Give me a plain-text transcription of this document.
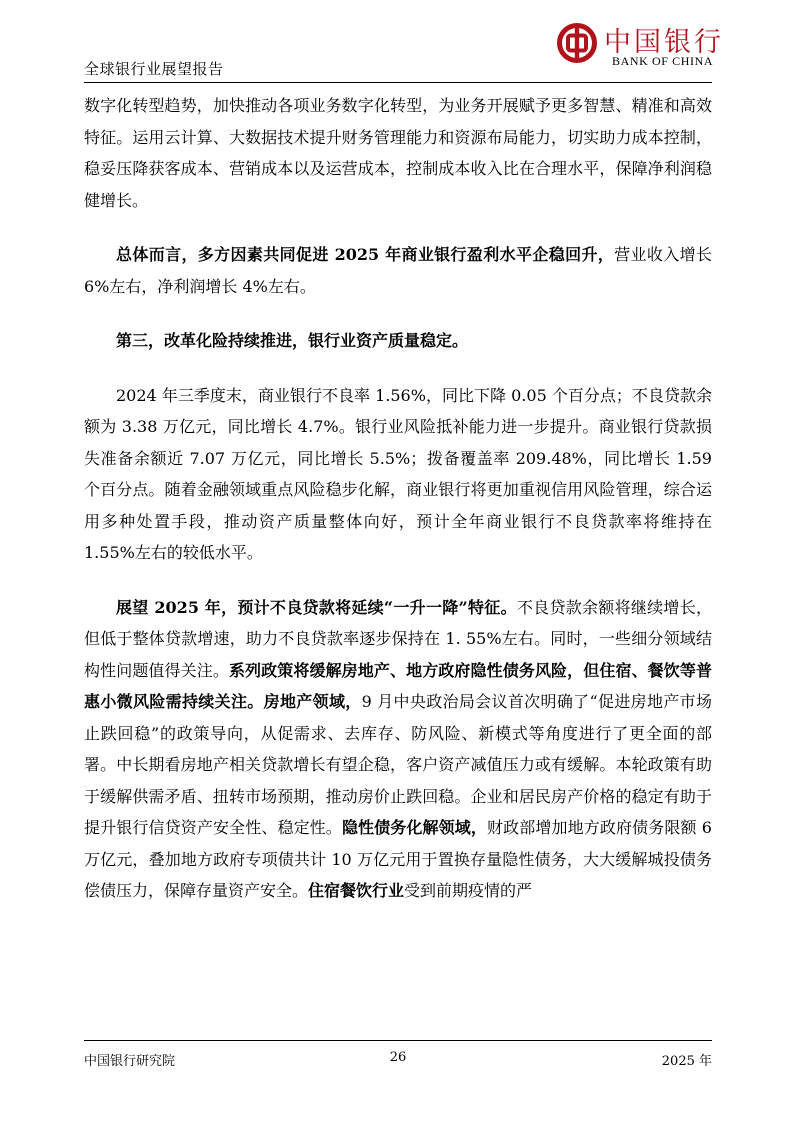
全球银行业展望报告
中国银行
BANK OF CHINA

数字化转型趋势，加快推动各项业务数字化转型，为业务开展赋予更多智慧、精准和高效特征。运用云计算、大数据技术提升财务管理能力和资源布局能力，切实助力成本控制，稳妥压降获客成本、营销成本以及运营成本，控制成本收入比在合理水平，保障净利润稳健增长。

总体而言，多方因素共同促进 2025 年商业银行盈利水平企稳回升，营业收入增长 6%左右，净利润增长 4%左右。

第三，改革化险持续推进，银行业资产质量稳定。

2024 年三季度末，商业银行不良率 1.56%，同比下降 0.05 个百分点；不良贷款余额为 3.38 万亿元，同比增长 4.7%。银行业风险抵补能力进一步提升。商业银行贷款损失准备余额近 7.07 万亿元，同比增长 5.5%；拨备覆盖率 209.48%，同比增长 1.59 个百分点。随着金融领域重点风险稳步化解，商业银行将更加重视信用风险管理，综合运用多种处置手段，推动资产质量整体向好，预计全年商业银行不良贷款率将维持在 1.55%左右的较低水平。

展望 2025 年，预计不良贷款将延续“一升一降”特征。不良贷款余额将继续增长，但低于整体贷款增速，助力不良贷款率逐步保持在 1. 55%左右。同时，一些细分领域结构性问题值得关注。系列政策将缓解房地产、地方政府隐性债务风险，但住宿、餐饮等普惠小微风险需持续关注。房地产领域，9 月中央政治局会议首次明确了“促进房地产市场止跌回稳”的政策导向，从促需求、去库存、防风险、新模式等角度进行了更全面的部署。中长期看房地产相关贷款增长有望企稳，客户资产减值压力或有缓解。本轮政策有助于缓解供需矛盾、扭转市场预期，推动房价止跌回稳。企业和居民房产价格的稳定有助于提升银行信贷资产安全性、稳定性。隐性债务化解领域，财政部增加地方政府债务限额 6 万亿元，叠加地方政府专项债共计 10 万亿元用于置换存量隐性债务，大大缓解城投债务偿债压力，保障存量资产安全。住宿餐饮行业受到前期疫情的严

中国银行研究院	26	2025 年
